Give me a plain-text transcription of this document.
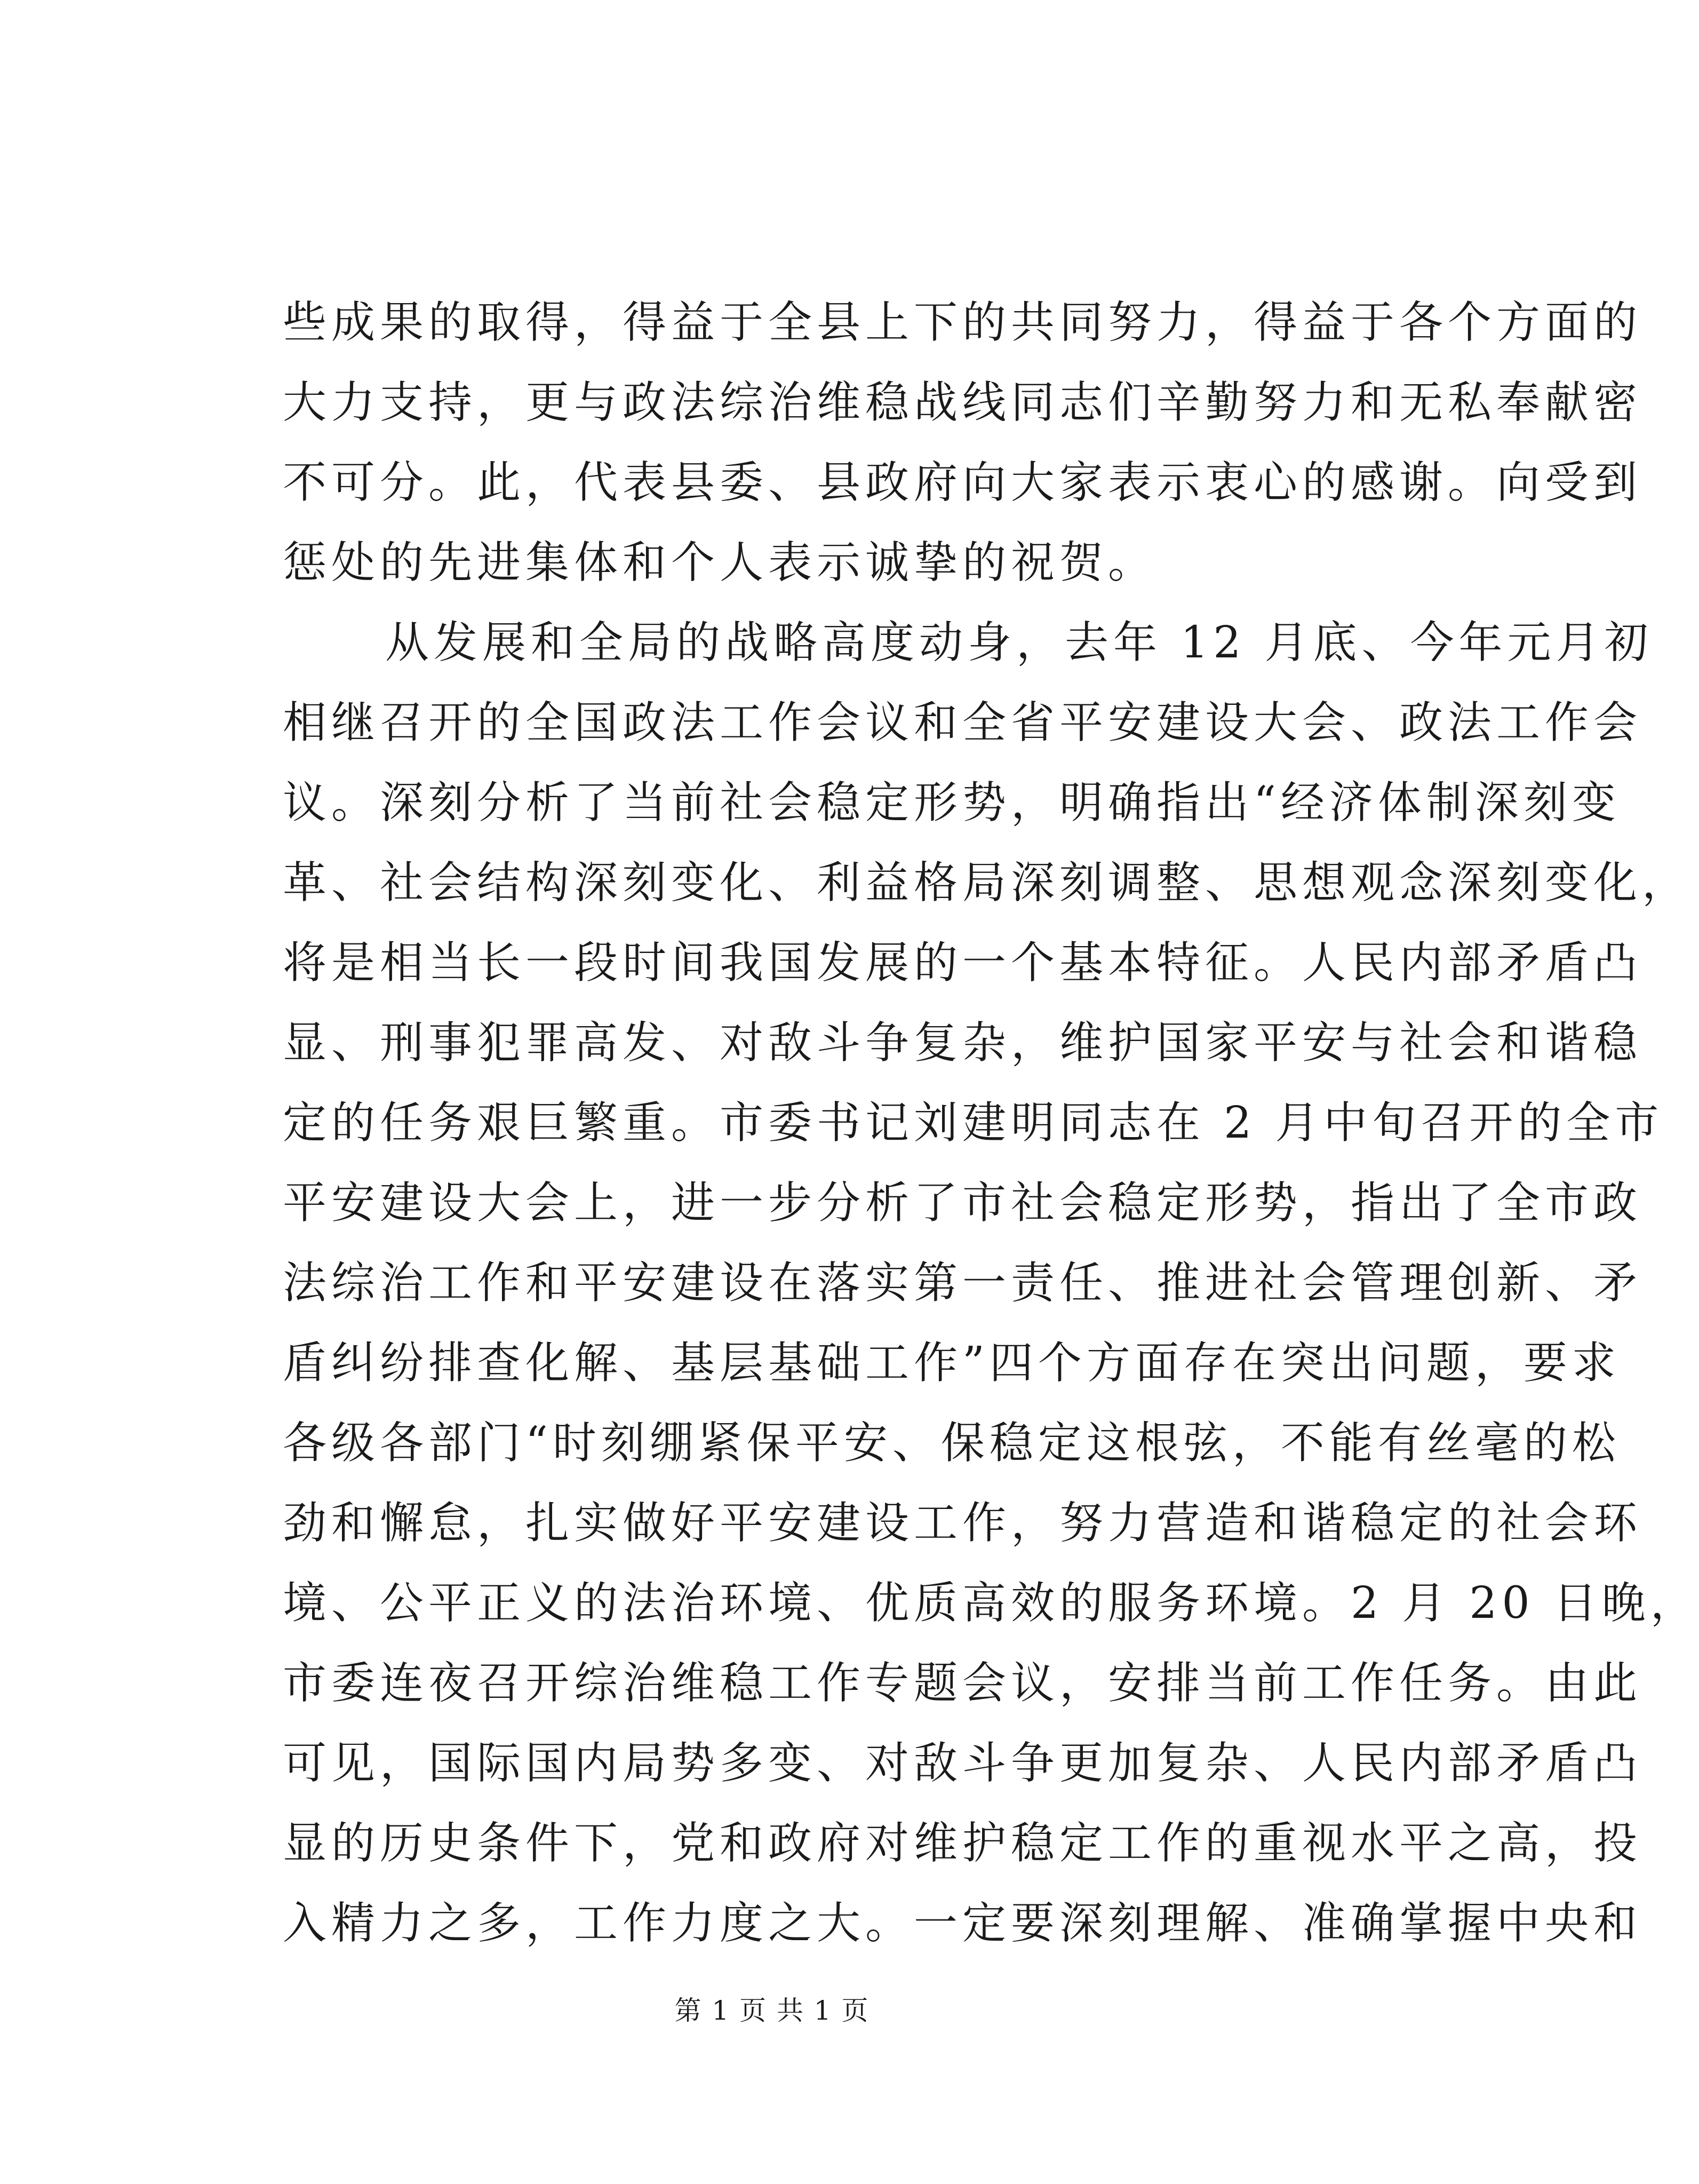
些成果的取得，得益于全县上下的共同努力，得益于各个方面的
大力支持，更与政法综治维稳战线同志们辛勤努力和无私奉献密
不可分。此，代表县委、县政府向大家表示衷心的感谢。向受到
惩处的先进集体和个人表示诚挚的祝贺。
从发展和全局的战略高度动身，去年 12 月底、今年元月初
相继召开的全国政法工作会议和全省平安建设大会、政法工作会
议。深刻分析了当前社会稳定形势，明确指出“经济体制深刻变
革、社会结构深刻变化、利益格局深刻调整、思想观念深刻变化，
将是相当长一段时间我国发展的一个基本特征。人民内部矛盾凸
显、刑事犯罪高发、对敌斗争复杂，维护国家平安与社会和谐稳
定的任务艰巨繁重。市委书记刘建明同志在 2 月中旬召开的全市
平安建设大会上，进一步分析了市社会稳定形势，指出了全市政
法综治工作和平安建设在落实第一责任、推进社会管理创新、矛
盾纠纷排查化解、基层基础工作”四个方面存在突出问题，要求
各级各部门“时刻绷紧保平安、保稳定这根弦，不能有丝毫的松
劲和懈怠，扎实做好平安建设工作，努力营造和谐稳定的社会环
境、公平正义的法治环境、优质高效的服务环境。2 月 20 日晚，
市委连夜召开综治维稳工作专题会议，安排当前工作任务。由此
可见，国际国内局势多变、对敌斗争更加复杂、人民内部矛盾凸
显的历史条件下，党和政府对维护稳定工作的重视水平之高，投
入精力之多，工作力度之大。一定要深刻理解、准确掌握中央和
第 1 页 共 1 页
